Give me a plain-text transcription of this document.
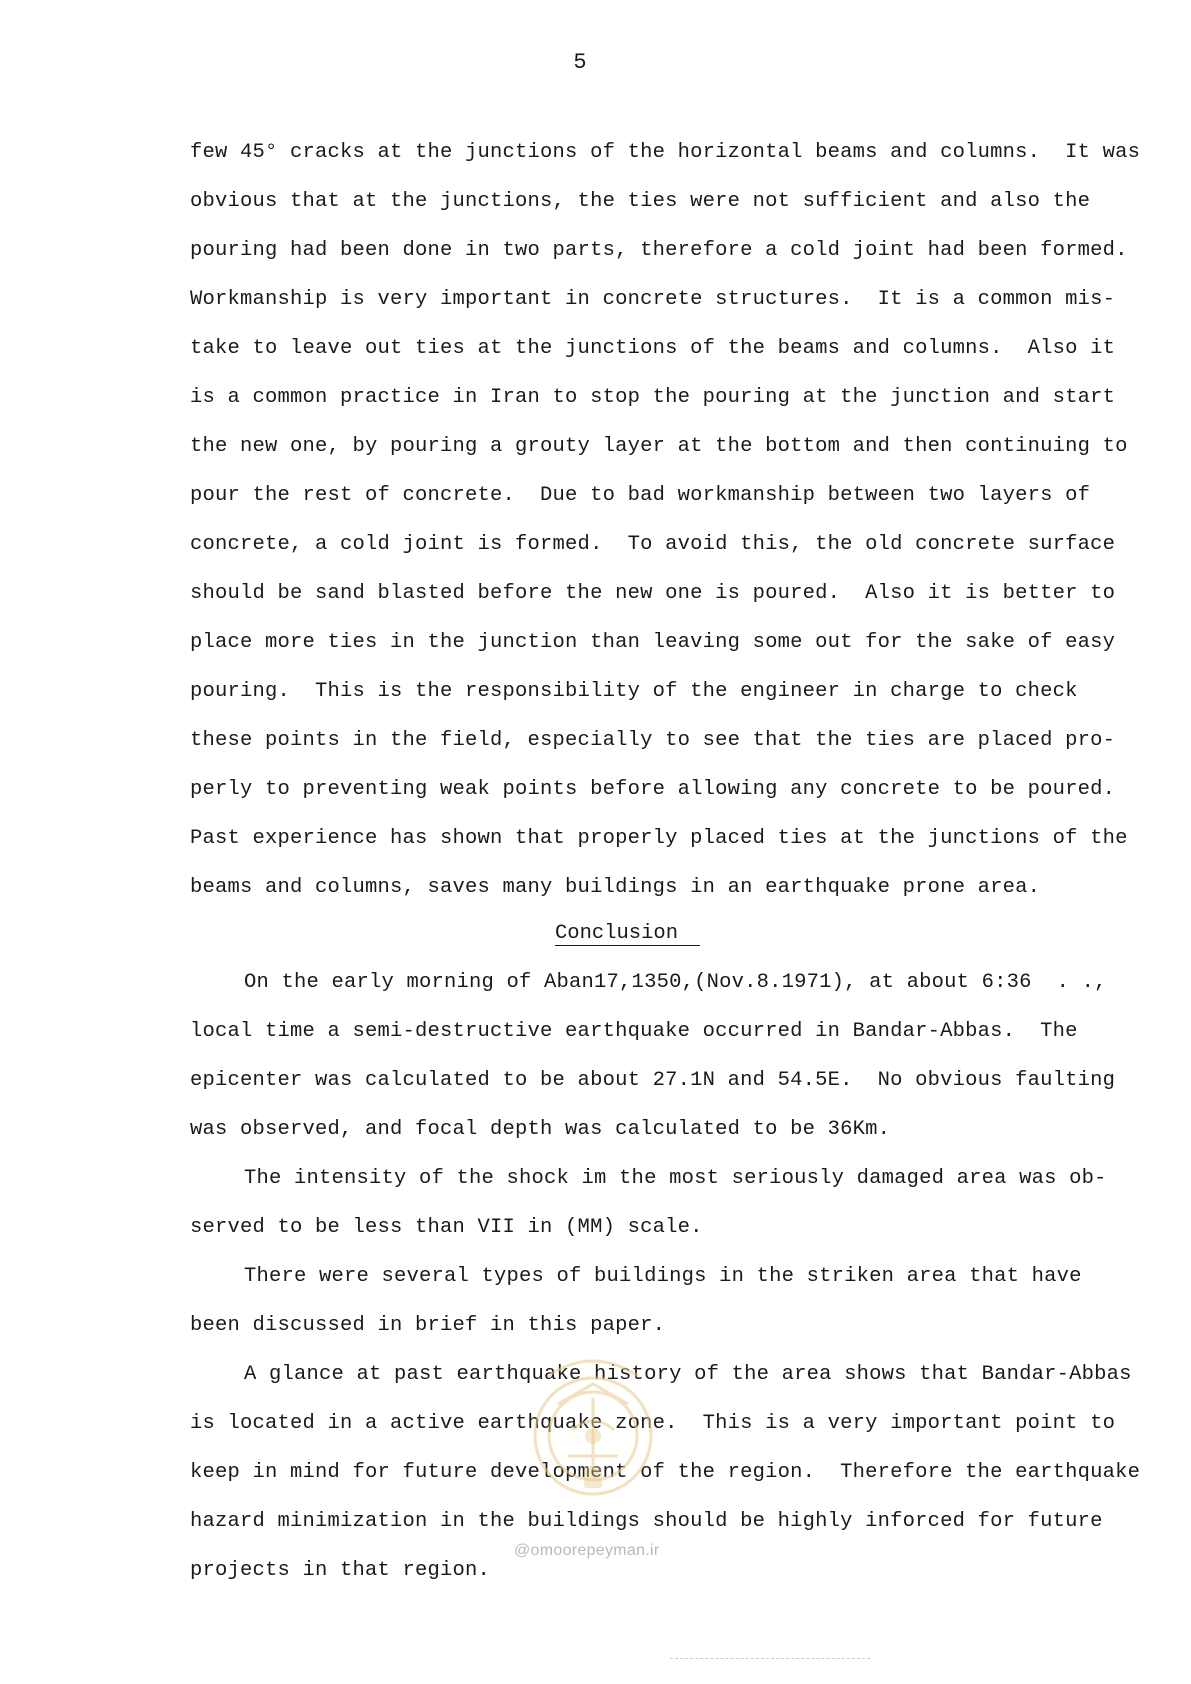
5
few 45° cracks at the junctions of the horizontal beams and columns.  It was
obvious that at the junctions, the ties were not sufficient and also the
pouring had been done in two parts, therefore a cold joint had been formed.
Workmanship is very important in concrete structures.  It is a common mis-
take to leave out ties at the junctions of the beams and columns.  Also it
is a common practice in Iran to stop the pouring at the junction and start
the new one, by pouring a grouty layer at the bottom and then continuing to
pour the rest of concrete.  Due to bad workmanship between two layers of
concrete, a cold joint is formed.  To avoid this, the old concrete surface
should be sand blasted before the new one is poured.  Also it is better to
place more ties in the junction than leaving some out for the sake of easy
pouring.  This is the responsibility of the engineer in charge to check
these points in the field, especially to see that the ties are placed pro-
perly to preventing weak points before allowing any concrete to be poured.
Past experience has shown that properly placed ties at the junctions of the
beams and columns, saves many buildings in an earthquake prone area.
Conclusion
On the early morning of Aban17,1350,(Nov.8.1971), at about 6:36  . .,
local time a semi-destructive earthquake occurred in Bandar-Abbas.  The
epicenter was calculated to be about 27.1N and 54.5E.  No obvious faulting
was observed, and focal depth was calculated to be 36Km.
The intensity of the shock im the most seriously damaged area was ob-
served to be less than VII in (MM) scale.
There were several types of buildings in the striken area that have
been discussed in brief in this paper.
A glance at past earthquake history of the area shows that Bandar-Abbas
is located in a active earthquake zone.  This is a very important point to
keep in mind for future development of the region.  Therefore the earthquake
hazard minimization in the buildings should be highly inforced for future
projects in that region.
@omoorepeyman.ir
